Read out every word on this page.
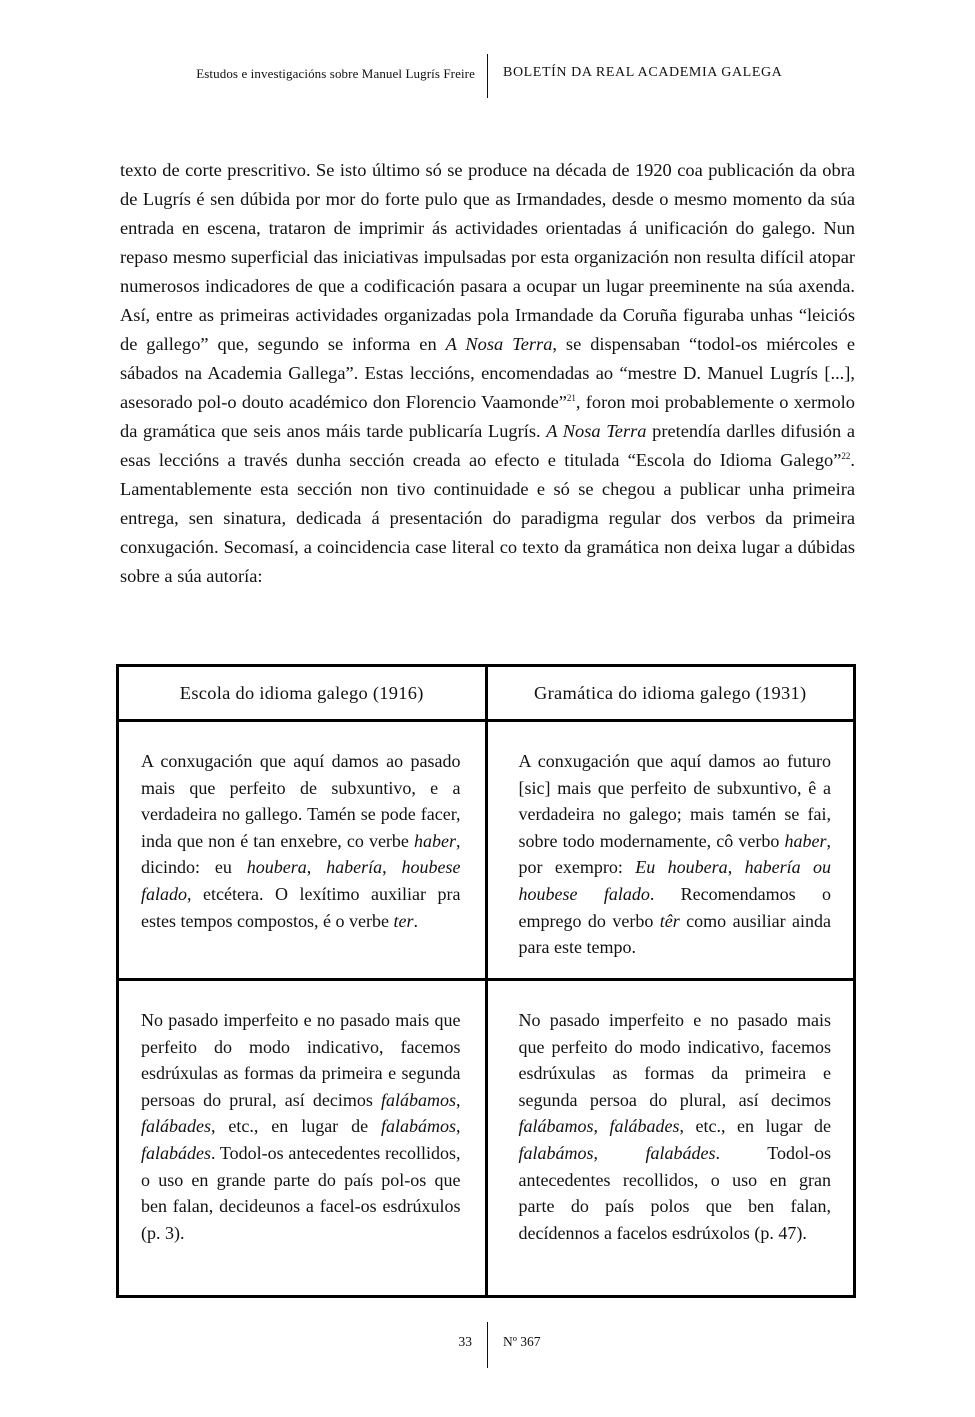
Estudos e investigacións sobre Manuel Lugrís Freire BOLETÍN DA REAL ACADEMIA GALEGA

texto de corte prescritivo. Se isto último só se produce na década de 1920 coa publicación da obra de Lugrís é sen dúbida por mor do forte pulo que as Irmandades, desde o mesmo momento da súa entrada en escena, trataron de imprimir ás actividades orientadas á unificación do galego. Nun repaso mesmo superficial das iniciativas impulsadas por esta organización non resulta difícil atopar numerosos indicadores de que a codificación pasara a ocupar un lugar preeminente na súa axenda. Así, entre as primeiras actividades organizadas pola Irmandade da Coruña figuraba unhas “leiciós de gallego” que, segundo se informa en A Nosa Terra, se dispensaban “todol-os miércoles e sábados na Academia Gallega”. Estas leccións, encomendadas ao “mestre D. Manuel Lugrís [...], asesorado pol-o douto académico don Florencio Vaamonde”$^{21}$, foron moi probablemente o xermolo da gramática que seis anos máis tarde publicaría Lugrís. A Nosa Terra pretendía darlles difusión a esas leccións a través dunha sección creada ao efecto e titulada “Escola do Idioma Galego”$^{22}$. Lamentablemente esta sección non tivo continuidade e só se chegou a publicar unha primeira entrega, sen sinatura, dedicada á presentación do paradigma regular dos verbos da primeira conxugación. Secomasí, a coincidencia case literal co texto da gramática non deixa lugar a dúbidas sobre a súa autoría:

Escola do idioma galego (1916)	Gramática do idioma galego (1931)
A conxugación que aquí damos ao pasado mais que perfeito de subxuntivo, e a verdadeira no gallego. Tamén se pode facer, inda que non é tan enxebre, co verbe haber, dicindo: eu houbera, habería, houbese falado, etcétera. O lexítimo auxiliar pra estes tempos compostos, é o verbe ter.	A conxugación que aquí damos ao futuro [sic] mais que perfeito de subxuntivo, ê a verdadeira no galego; mais tamén se fai, sobre todo modernamente, cô verbo haber, por exempro: Eu houbera, habería ou houbese falado. Recomendamos o emprego do verbo têr como ausiliar ainda para este tempo.
No pasado imperfeito e no pasado mais que perfeito do modo indicativo, facemos esdrúxulas as formas da primeira e segunda persoas do prural, así decimos falábamos, falábades, etc., en lugar de falabámos, falabádes. Todol-os antecedentes recollidos, o uso en grande parte do país pol-os que ben falan, decideunos a facel-os esdrúxulos (p. 3).	No pasado imperfeito e no pasado mais que perfeito do modo indicativo, facemos esdrúxulas as formas da primeira e segunda persoa do plural, así decimos falábamos, falábades, etc., en lugar de falabámos, falabádes. Todol-os antecedentes recollidos, o uso en gran parte do país polos que ben falan, decídennos a facelos esdrúxolos (p. 47).
33 Nº 367
